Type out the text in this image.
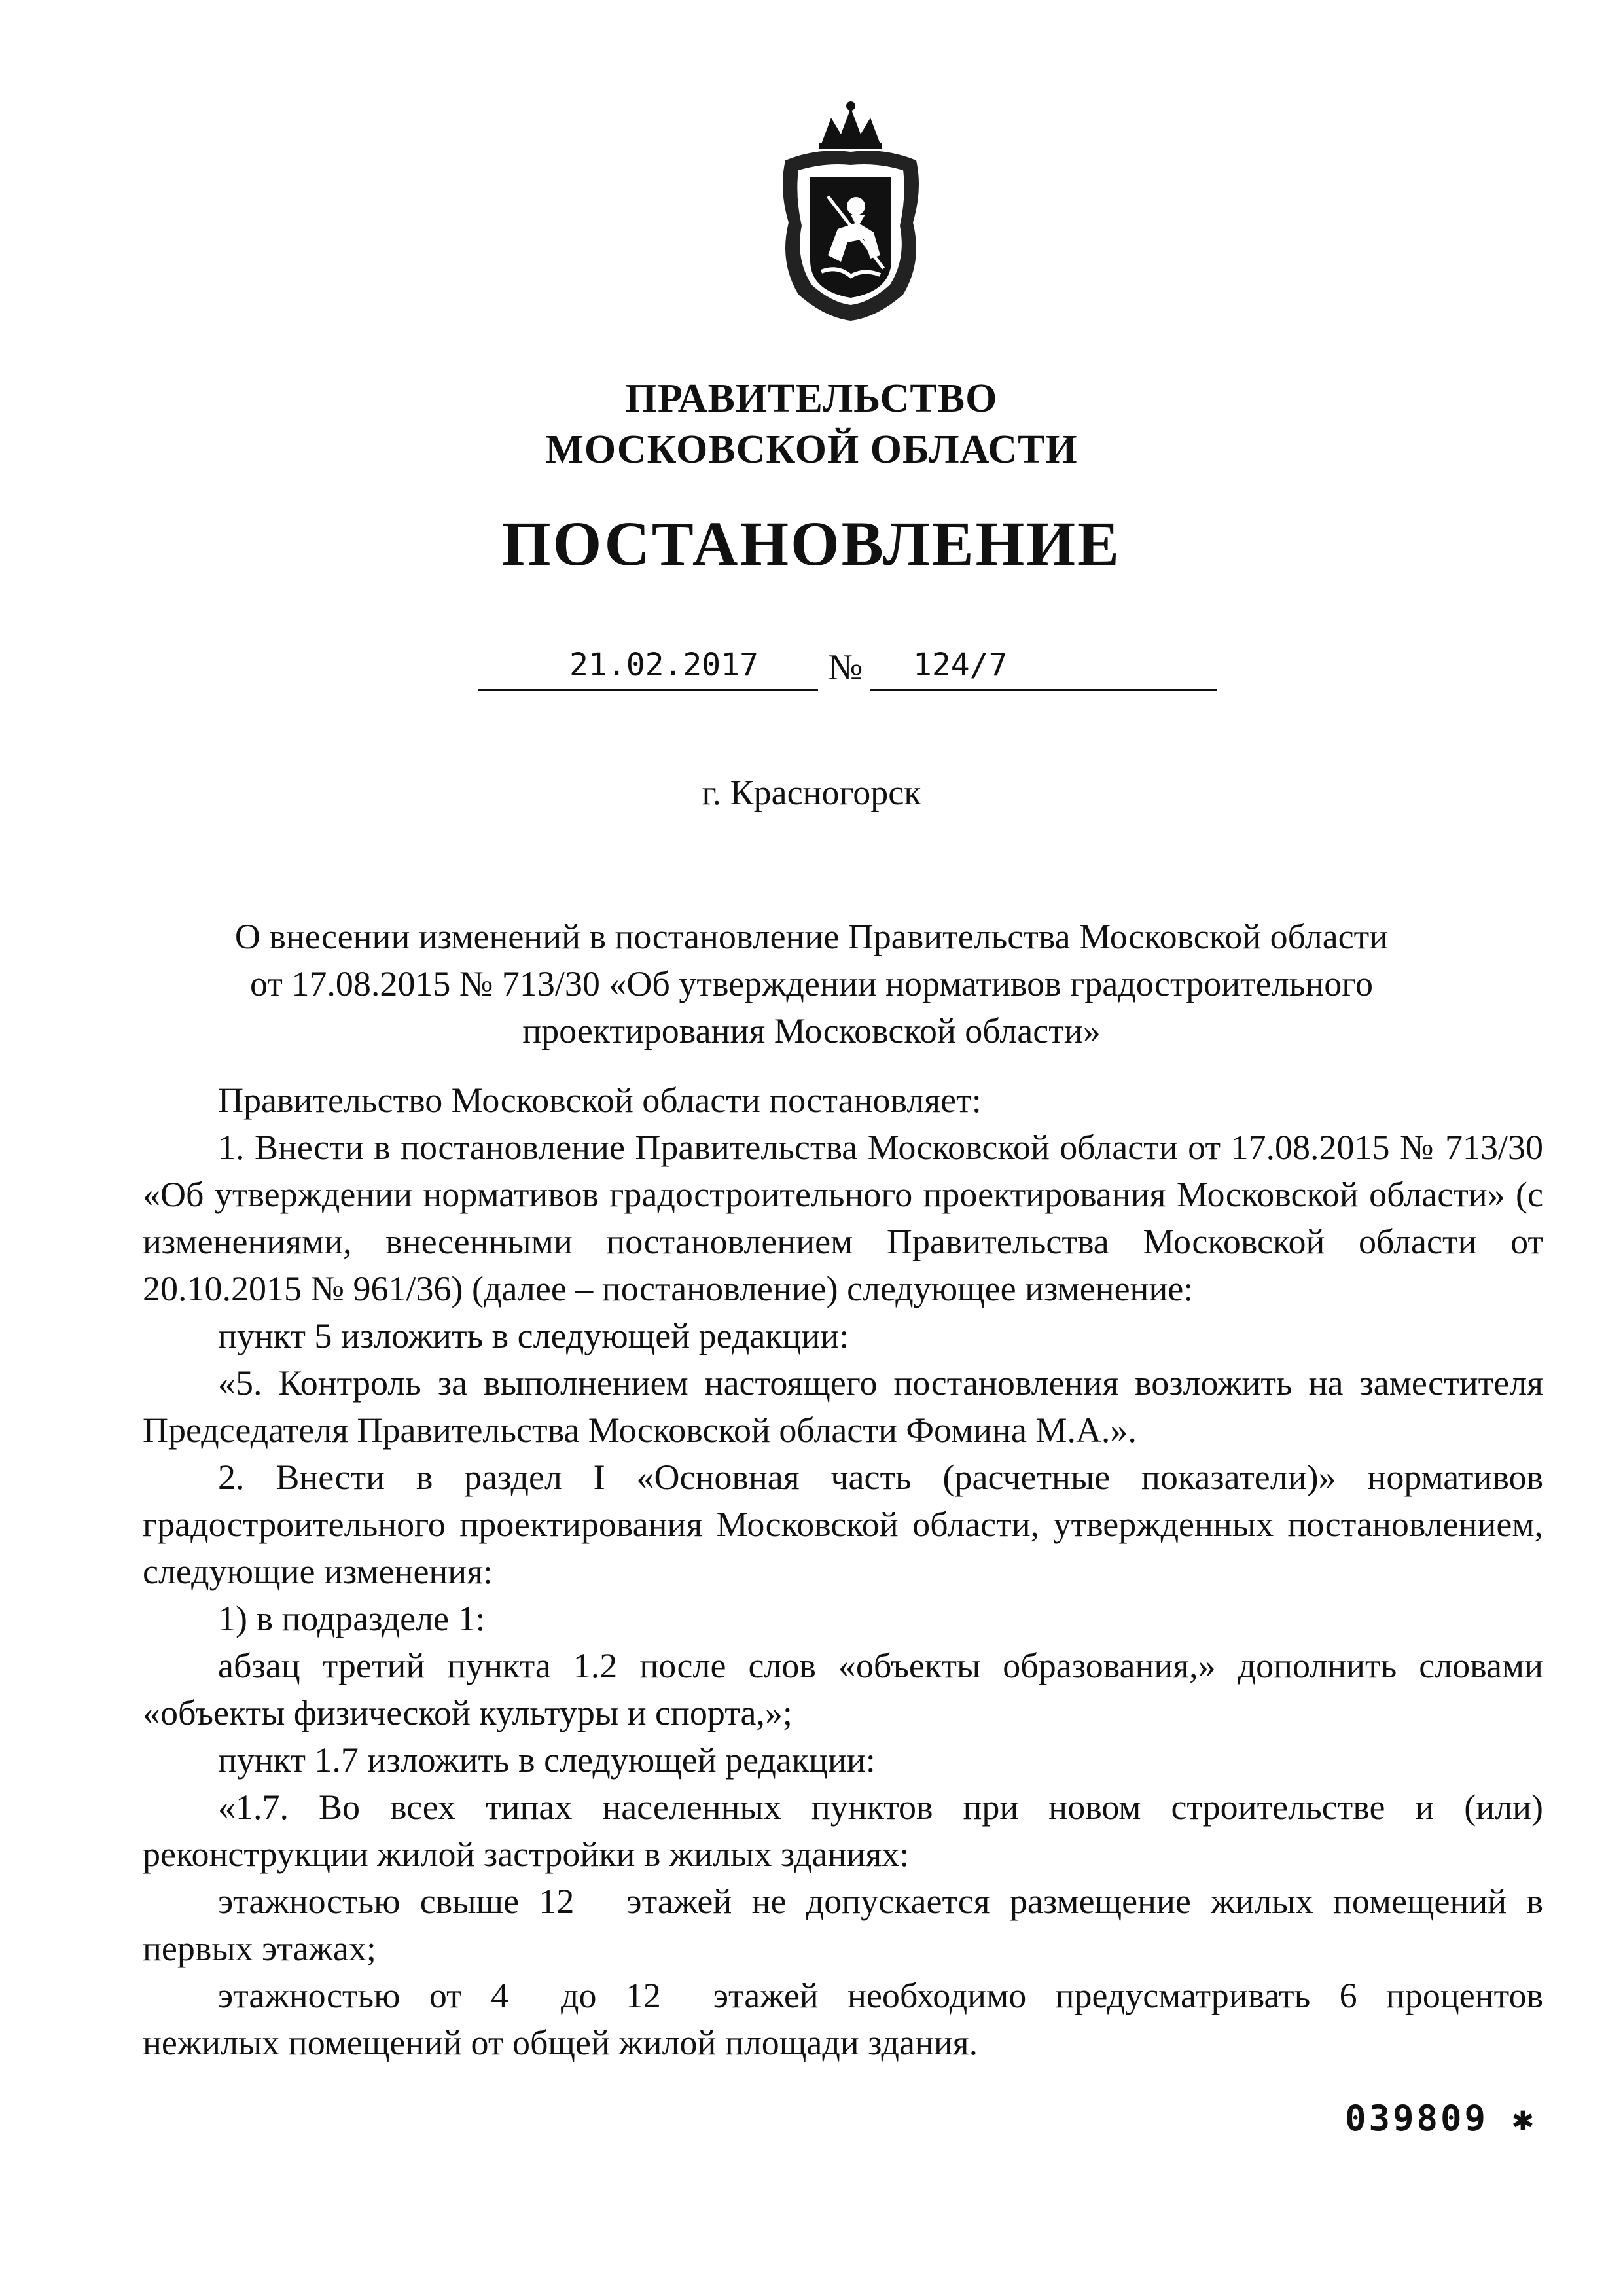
ПРАВИТЕЛЬСТВО
МОСКОВСКОЙ ОБЛАСТИ
ПОСТАНОВЛЕНИЕ
21.02.2017 № 124/7
г. Красногорск
О внесении изменений в постановление Правительства Московской области
от 17.08.2015 № 713/30 «Об утверждении нормативов градостроительного
проектирования Московской области»

Правительство Московской области постановляет:

1. Внести в постановление Правительства Московской области от 17.08.2015 № 713/30 «Об утверждении нормативов градостроительного проектирования Московской области» (с изменениями, внесенными постановлением Правительства Московской области от 20.10.2015 № 961/36) (далее – постановление) следующее изменение:

пункт 5 изложить в следующей редакции:

«5. Контроль за выполнением настоящего постановления возложить на заместителя Председателя Правительства Московской области Фомина М.А.».

2. Внести в раздел I «Основная часть (расчетные показатели)» нормативов градостроительного проектирования Московской области, утвержденных постановлением, следующие изменения:

1) в подразделе 1:

абзац третий пункта 1.2 после слов «объекты образования,» дополнить словами «объекты физической культуры и спорта,»;

пункт 1.7 изложить в следующей редакции:

«1.7. Во всех типах населенных пунктов при новом строительстве и (или) реконструкции жилой застройки в жилых зданиях:

этажностью свыше 12 этажей не допускается размещение жилых помещений в первых этажах;

этажностью от 4 до 12 этажей необходимо предусматривать 6 процентов нежилых помещений от общей жилой площади здания.

039809 ✱
